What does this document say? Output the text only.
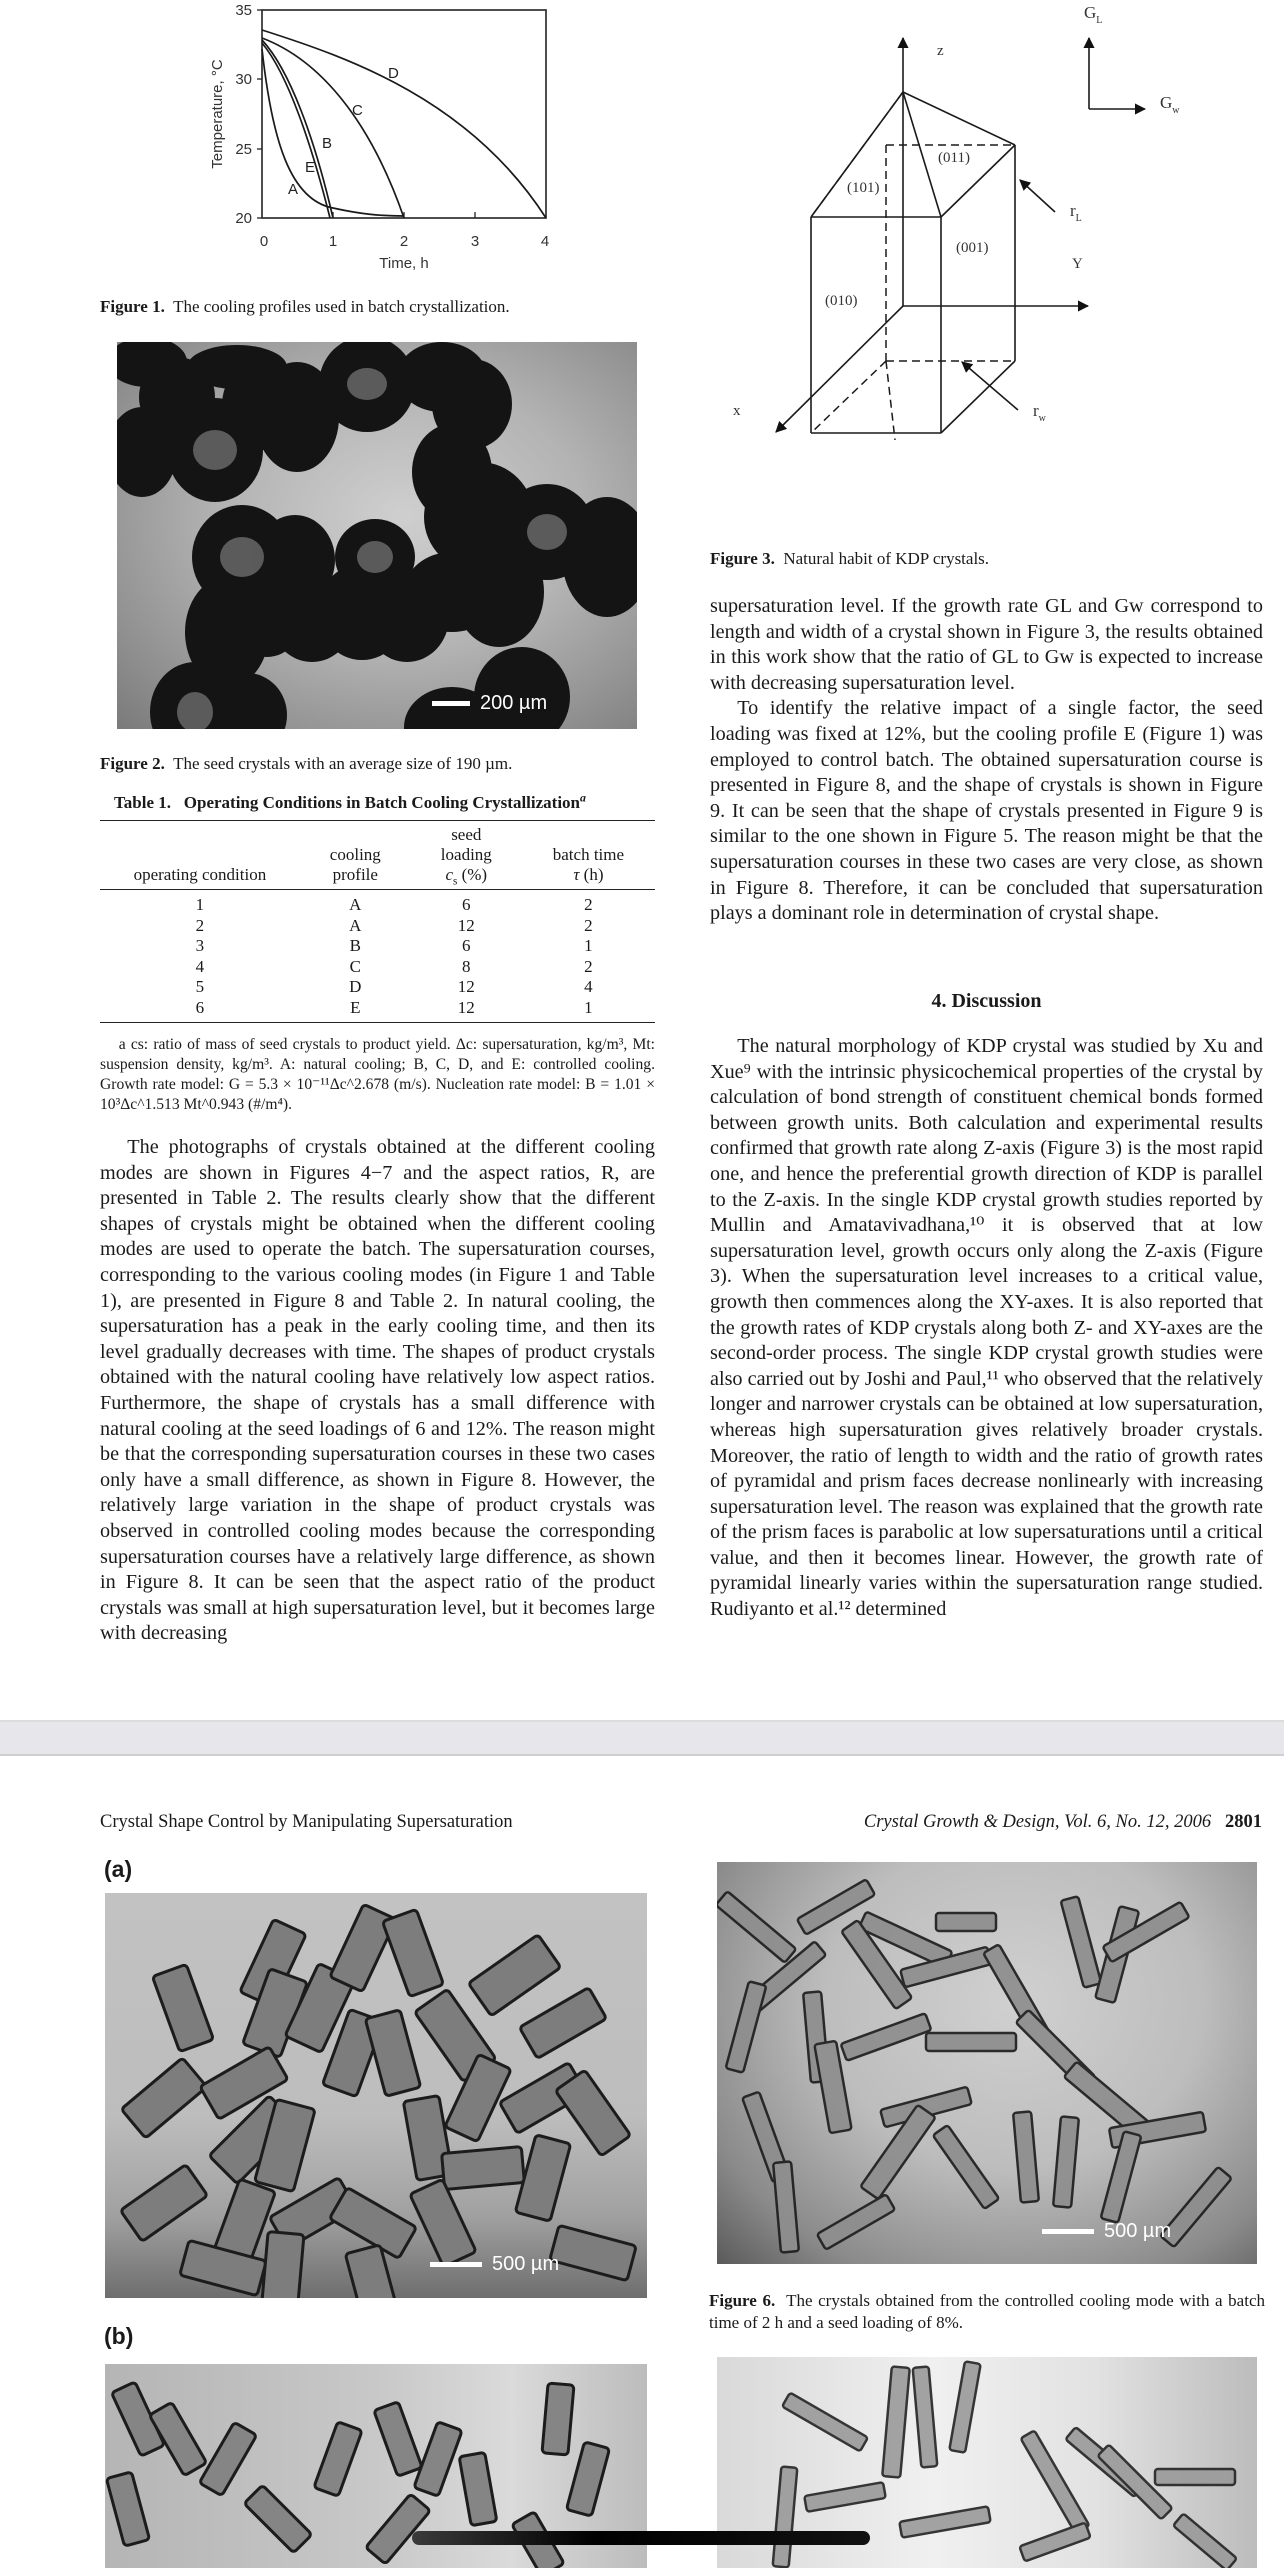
35
30
25
20
0	1	2	3	4
Time, h
Temperature, °C	D
C
B
E
A
Figure 1. The cooling profiles used in batch crystallization.
200 µm
Figure 2. The seed crystals with an average size of 190 µm.
Table 1. Operating Conditions in Batch Cooling Crystallization$^a$
operating condition

cooling
profile

seed
loading
$c_s$ (%)

batch time
τ (h)

1	A	6	2
2	A	12	2
3	B	6	1
4	C	8	2
5	D	12	4
6	E	12	1
a cs: ratio of mass of seed crystals to product yield. Δc: supersaturation, kg/m³, Mt: suspension density, kg/m³. A: natural cooling; B, C, D, and E: controlled cooling. Growth rate model: G = 5.3 × 10⁻¹¹Δc^2.678 (m/s). Nucleation rate model: B = 1.01 × 10³Δc^1.513 Mt^0.943 (#/m⁴).

The photographs of crystals obtained at the different cooling modes are shown in Figures 4−7 and the aspect ratios, R, are presented in Table 2. The results clearly show that the different shapes of crystals might be obtained when the different cooling modes are used to operate the batch. The supersaturation courses, corresponding to the various cooling modes (in Figure 1 and Table 1), are presented in Figure 8 and Table 2. In natural cooling, the supersaturation has a peak in the early cooling time, and then its level gradually decreases with time. The shapes of product crystals obtained with the natural cooling have relatively low aspect ratios. Furthermore, the shape of crystals has a small difference with natural cooling at the seed loadings of 6 and 12%. The reason might be that the corresponding supersaturation courses in these two cases only have a small difference, as shown in Figure 8. However, the relatively large variation in the shape of product crystals was observed in controlled cooling modes because the corresponding supersaturation courses have a relatively large difference, as shown in Figure 8. It can be seen that the aspect ratio of the product crystals was small at high supersaturation level, but it becomes large with decreasing

z
x
Y
(011)
(101)
(001)
(010)
$r_L$
$r_w$
$G_L$
$G_w$
Figure 3. Natural habit of KDP crystals.

supersaturation level. If the growth rate GL and Gw correspond to length and width of a crystal shown in Figure 3, the results obtained in this work show that the ratio of GL to Gw is expected to increase with decreasing supersaturation level.

To identify the relative impact of a single factor, the seed loading was fixed at 12%, but the cooling profile E (Figure 1) was employed to control batch. The obtained supersaturation course is presented in Figure 8, and the shape of crystals is shown in Figure 9. It can be seen that the shape of crystals presented in Figure 9 is similar to the one shown in Figure 5. The reason might be that the supersaturation courses in these two cases are very close, as shown in Figure 8. Therefore, it can be concluded that supersaturation plays a dominant role in determination of crystal shape.

4. Discussion

The natural morphology of KDP crystal was studied by Xu and Xue⁹ with the intrinsic physicochemical properties of the crystal by calculation of bond strength of constituent chemical bonds formed between growth units. Both calculation and experimental results confirmed that growth rate along Z-axis (Figure 3) is the most rapid one, and hence the preferential growth direction of KDP is parallel to the Z-axis. In the single KDP crystal growth studies reported by Mullin and Amatavivadhana,¹⁰ it is observed that at low supersaturation level, growth occurs only along the Z-axis (Figure 3). When the supersaturation level increases to a critical value, growth then commences along the XY-axes. It is also reported that the growth rates of KDP crystals along both Z- and XY-axes are the second-order process. The single KDP crystal growth studies were also carried out by Joshi and Paul,¹¹ who observed that the relatively longer and narrower crystals can be obtained at low supersaturation, whereas high supersaturation gives relatively broader crystals. Moreover, the ratio of length to width and the ratio of growth rates of pyramidal and prism faces decrease nonlinearly with increasing supersaturation level. The reason was explained that the growth rate of the prism faces is parabolic at low supersaturations until a critical value, and then it becomes linear. However, the growth rate of pyramidal linearly varies within the supersaturation range studied. Rudiyanto et al.¹² determined

Crystal Shape Control by Manipulating Supersaturation	Crystal Growth & Design, Vol. 6, No. 12, 2006 2801
(a)
500 µm
(b)
500 µm
Figure 6. The crystals obtained from the controlled cooling mode with a batch time of 2 h and a seed loading of 8%.
